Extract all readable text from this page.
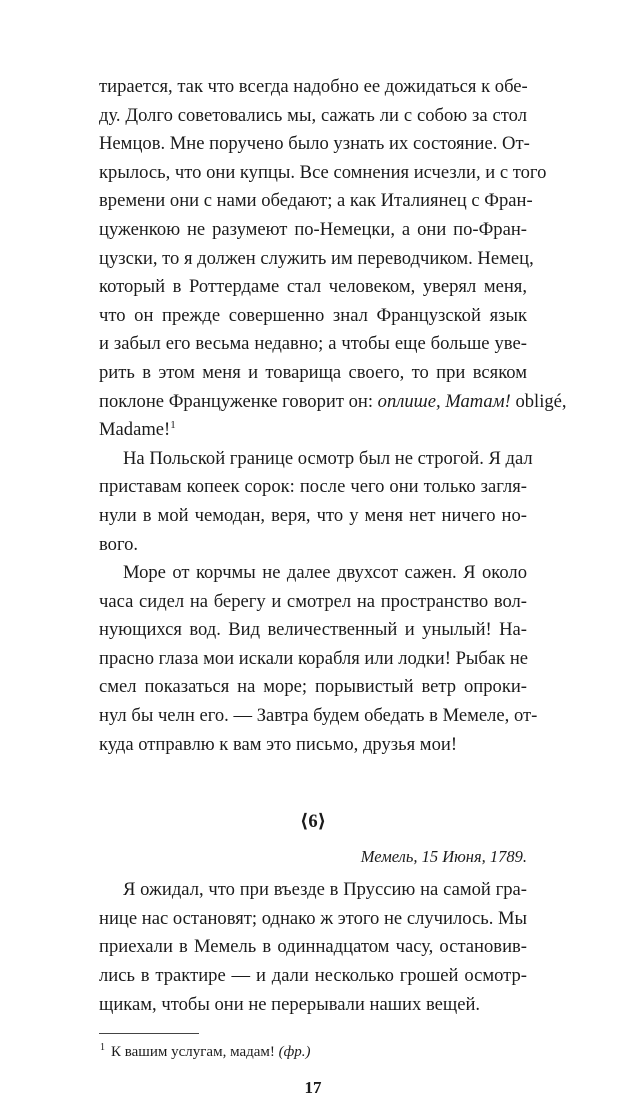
тирается, так что всегда надобно ее дожидаться к обе-
ду. Долго советовались мы, сажать ли с собою за стол
Немцов. Мне поручено было узнать их состояние. От-
крылось, что они купцы. Все сомнения исчезли, и с того
времени они с нами обедают; а как Италиянец с Фран-
цуженкою не разумеют по-Немецки, а они по-Фран-
цузски, то я должен служить им переводчиком. Немец,
который в Роттердаме стал человеком, уверял меня,
что он прежде совершенно знал Французской язык
и забыл его весьма недавно; а чтобы еще больше увe-
рить в этом меня и товарища своего, то при всяком
поклоне Француженке говорит он: оплише, Матам! obligé,
Madame!$^1$
На Польской границе осмотр был не строгой. Я дал
приставам копеек сорок: после чего они только загля-
нули в мой чемодан, веря, что у меня нет ничего но-
вого.
Море от корчмы не далее двухсот сажен. Я около
часа сидел на берегу и смотрел на пространство вол-
нующихся вод. Вид величественный и унылый! На-
прасно глаза мои искали корабля или лодки! Рыбак не
смел показаться на море; порывистый ветр опроки-
нул бы челн его. — Завтра будем обедать в Мемеле, от-
куда отправлю к вам это письмо, друзья мои!
⟨6⟩
Мемель, 15 Июня, 1789.
Я ожидал, что при въезде в Пруссию на самой гра-
нице нас остановят; однако ж этого не случилось. Мы
приехали в Мемель в одиннадцатом часу, остановив-
лись в трактире — и дали несколько грошей осмотр-
щикам, чтобы они не перерывали наших вещей.
$^1$ К вашим услугам, мадам! (фр.)
17
